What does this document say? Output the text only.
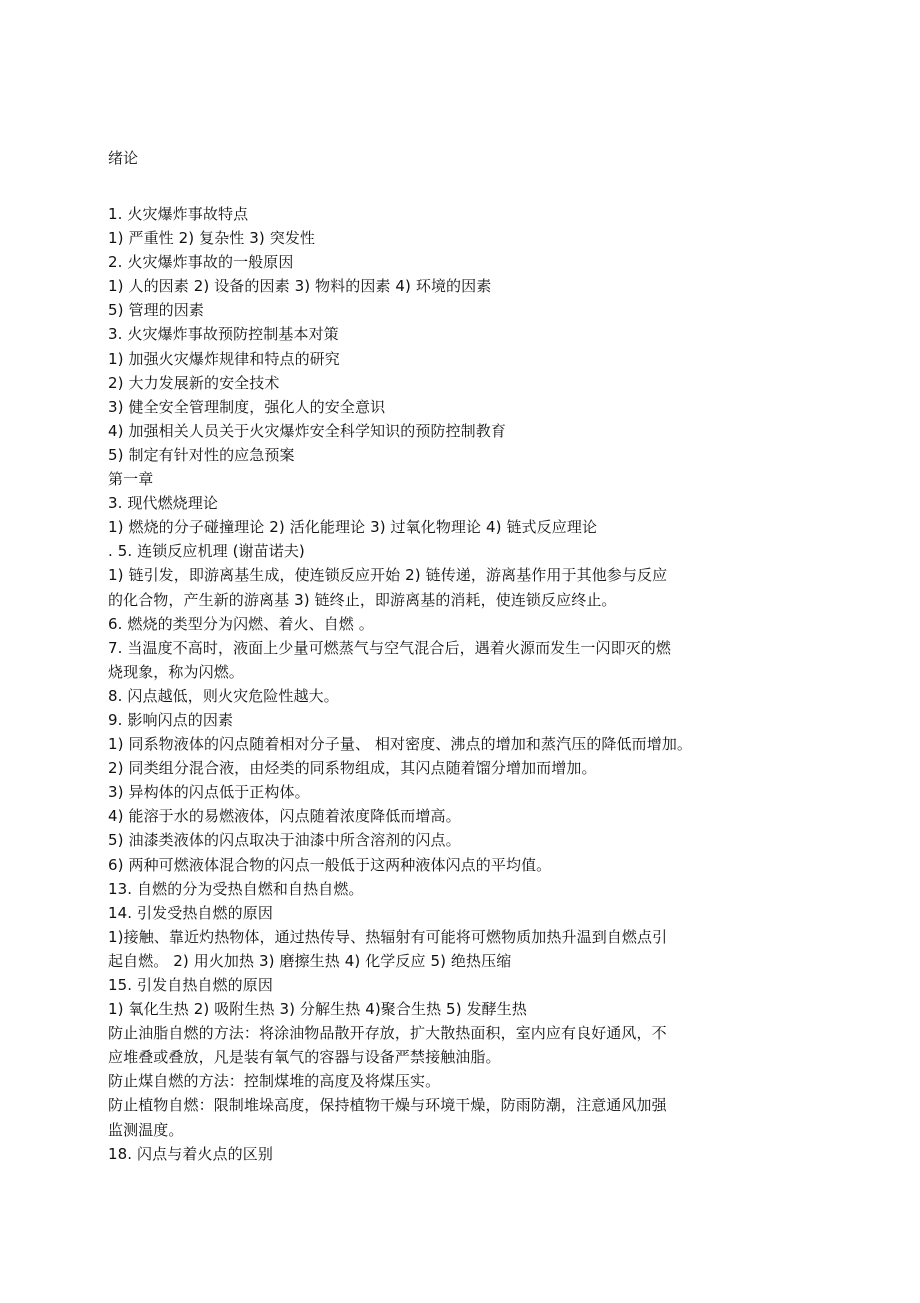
绪论
1. 火灾爆炸事故特点
1) 严重性 2) 复杂性 3) 突发性
2. 火灾爆炸事故的一般原因
1) 人的因素 2) 设备的因素 3) 物料的因素 4) 环境的因素
5) 管理的因素
3. 火灾爆炸事故预防控制基本对策
1) 加强火灾爆炸规律和特点的研究
2) 大力发展新的安全技术
3) 健全安全管理制度，强化人的安全意识
4) 加强相关人员关于火灾爆炸安全科学知识的预防控制教育
5) 制定有针对性的应急预案
第一章
3. 现代燃烧理论
1) 燃烧的分子碰撞理论 2) 活化能理论 3) 过氧化物理论 4) 链式反应理论
. 5. 连锁反应机理 (谢苗诺夫)
1) 链引发，即游离基生成，使连锁反应开始 2) 链传递，游离基作用于其他参与反应
的化合物，产生新的游离基 3) 链终止，即游离基的消耗，使连锁反应终止。
6. 燃烧的类型分为闪燃、着火、自燃 。
7. 当温度不高时，液面上少量可燃蒸气与空气混合后，遇着火源而发生一闪即灭的燃
烧现象，称为闪燃。
8. 闪点越低，则火灾危险性越大。
9. 影响闪点的因素
1) 同系物液体的闪点随着相对分子量、 相对密度、沸点的增加和蒸汽压的降低而增加。
2) 同类组分混合液，由烃类的同系物组成，其闪点随着馏分增加而增加。
3) 异构体的闪点低于正构体。
4) 能溶于水的易燃液体，闪点随着浓度降低而增高。
5) 油漆类液体的闪点取决于油漆中所含溶剂的闪点。
6) 两种可燃液体混合物的闪点一般低于这两种液体闪点的平均值。
13. 自燃的分为受热自燃和自热自燃。
14. 引发受热自燃的原因
1)接触、靠近灼热物体，通过热传导、热辐射有可能将可燃物质加热升温到自燃点引
起自燃。 2) 用火加热 3) 磨擦生热 4) 化学反应 5) 绝热压缩
15. 引发自热自燃的原因
1) 氧化生热 2) 吸附生热 3) 分解生热 4)聚合生热 5) 发酵生热
防止油脂自燃的方法：将涂油物品散开存放，扩大散热面积，室内应有良好通风，不
应堆叠或叠放，凡是装有氧气的容器与设备严禁接触油脂。
防止煤自燃的方法：控制煤堆的高度及将煤压实。
防止植物自燃：限制堆垛高度，保持植物干燥与环境干燥，防雨防潮，注意通风加强
监测温度。
18. 闪点与着火点的区别
